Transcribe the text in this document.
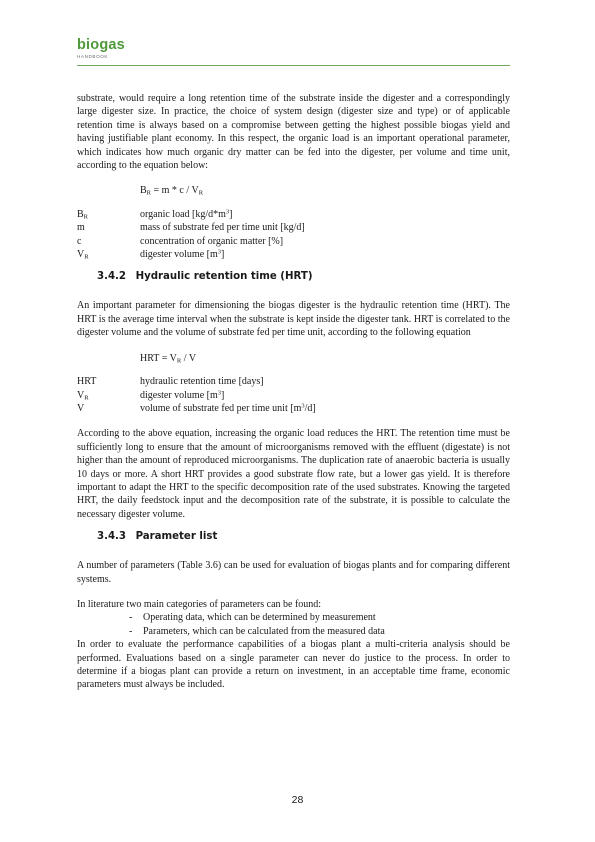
biogas
HANDBOOK

substrate, would require a long retention time of the substrate inside the digester and a correspondingly large digester size. In practice, the choice of system design (digester size and type) or of applicable retention time is always based on a compromise between getting the highest possible biogas yield and having justifiable plant economy. In this respect, the organic load is an important operational parameter, which indicates how much organic dry matter can be fed into the digester, per volume and time unit, according to the equation below:

$B_R = m * c / V_R$
$B_R$	organic load $[kg/d*m^3]$
m	mass of substrate fed per time unit [kg/d]
c	concentration of organic matter [%]
$V_R$	digester volume $[m^3]$
3.4.2 Hydraulic retention time (HRT)

An important parameter for dimensioning the biogas digester is the hydraulic retention time (HRT). The HRT is the average time interval when the substrate is kept inside the digester tank. HRT is correlated to the digester volume and the volume of substrate fed per time unit, according to the following equation

HRT = $V_R$ / V
HRT	hydraulic retention time [days]
$V_R$	digester volume $[m^3]$
V	volume of substrate fed per time unit $[m^3/d]$

According to the above equation, increasing the organic load reduces the HRT. The retention time must be sufficiently long to ensure that the amount of microorganisms removed with the effluent (digestate) is not higher than the amount of reproduced microorganisms. The duplication rate of anaerobic bacteria is usually 10 days or more. A short HRT provides a good substrate flow rate, but a lower gas yield. It is therefore important to adapt the HRT to the specific decomposition rate of the used substrates. Knowing the targeted HRT, the daily feedstock input and the decomposition rate of the substrate, it is possible to calculate the necessary digester volume.

3.4.3 Parameter list

A number of parameters (Table 3.6) can be used for evaluation of biogas plants and for comparing different systems.

In literature two main categories of parameters can be found:

-	Operating data, which can be determined by measurement
-	Parameters, which can be calculated from the measured data

In order to evaluate the performance capabilities of a biogas plant a multi-criteria analysis should be performed. Evaluations based on a single parameter can never do justice to the process. In order to determine if a biogas plant can provide a return on investment, in an acceptable time frame, economic parameters must always be included.

28
